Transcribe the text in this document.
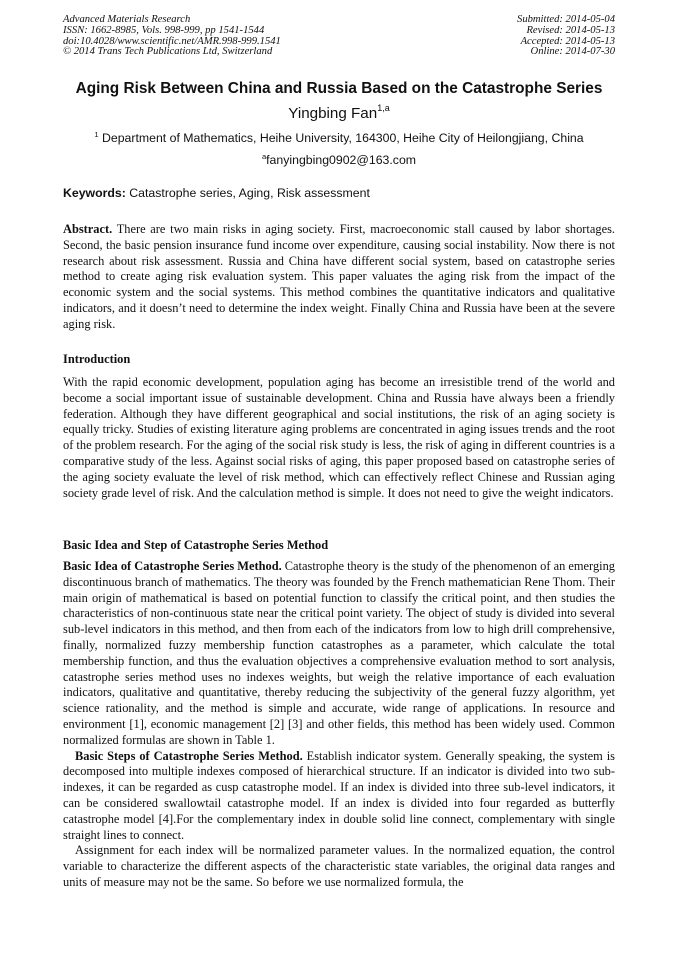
Advanced Materials Research
ISSN: 1662-8985, Vols. 998-999, pp 1541-1544
doi:10.4028/www.scientific.net/AMR.998-999.1541
© 2014 Trans Tech Publications Ltd, Switzerland
Submitted: 2014-05-04
Revised: 2014-05-13
Accepted: 2014-05-13
Online: 2014-07-30
Aging Risk Between China and Russia Based on the Catastrophe Series
Yingbing Fan$^{1,a}$
$^1$ Department of Mathematics, Heihe University, 164300, Heihe City of Heilongjiang, China
$^a$fanyingbing0902@163.com
Keywords: Catastrophe series, Aging, Risk assessment

Abstract. There are two main risks in aging society. First, macroeconomic stall caused by labor shortages. Second, the basic pension insurance fund income over expenditure, causing social instability. Now there is not research about risk assessment. Russia and China have different social system, based on catastrophe series method to create aging risk evaluation system. This paper valuates the aging risk from the impact of the economic system and the social systems. This method combines the quantitative indicators and qualitative indicators, and it doesn’t need to determine the index weight. Finally China and Russia have been at the severe aging risk.

Introduction

With the rapid economic development, population aging has become an irresistible trend of the world and become a social important issue of sustainable development. China and Russia have always been a friendly federation. Although they have different geographical and social institutions, the risk of an aging society is equally tricky. Studies of existing literature aging problems are concentrated in aging issues trends and the root of the problem research. For the aging of the social risk study is less, the risk of aging in different countries is a comparative study of the less. Against social risks of aging, this paper proposed based on catastrophe series of the aging society evaluate the level of risk method, which can effectively reflect Chinese and Russian aging society grade level of risk. And the calculation method is simple. It does not need to give the weight indicators.

Basic Idea and Step of Catastrophe Series Method

Basic Idea of Catastrophe Series Method. Catastrophe theory is the study of the phenomenon of an emerging discontinuous branch of mathematics. The theory was founded by the French mathematician Rene Thom. Their main origin of mathematical is based on potential function to classify the critical point, and then studies the characteristics of non-continuous state near the critical point variety. The object of study is divided into several sub-level indicators in this method, and then from each of the indicators from low to high drill comprehensive, finally, normalized fuzzy membership function catastrophes as a parameter, which calculate the total membership function, and thus the evaluation objectives a comprehensive evaluation method to sort analysis, catastrophe series method uses no indexes weights, but weigh the relative importance of each evaluation indicators, qualitative and quantitative, thereby reducing the subjectivity of the general fuzzy algorithm, yet science rationality, and the method is simple and accurate, wide range of applications. In resource and environment [1], economic management [2] [3] and other fields, this method has been widely used. Common normalized formulas are shown in Table 1.

Basic Steps of Catastrophe Series Method. Establish indicator system. Generally speaking, the system is decomposed into multiple indexes composed of hierarchical structure. If an indicator is divided into two sub-indexes, it can be regarded as cusp catastrophe model. If an index is divided into three sub-level indicators, it can be considered swallowtail catastrophe model. If an index is divided into four regarded as butterfly catastrophe model [4].For the complementary index in double solid line connect, complementary with single straight lines to connect.

Assignment for each index will be normalized parameter values. In the normalized equation, the control variable to characterize the different aspects of the characteristic state variables, the original data ranges and units of measure may not be the same. So before we use normalized formula, the
